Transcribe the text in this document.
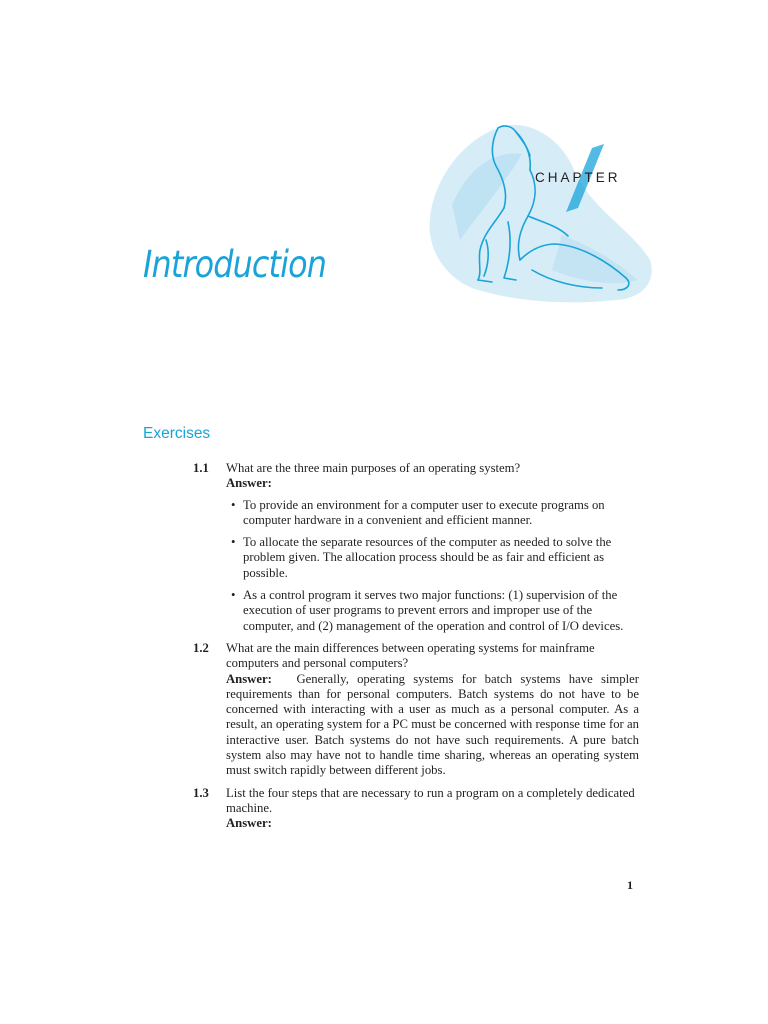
CHAPTER
Introduction
Exercises
1.1 What are the three main purposes of an operating system?
Answer:
• To provide an environment for a computer user to execute programs on computer hardware in a convenient and efficient manner.
• To allocate the separate resources of the computer as needed to solve the problem given. The allocation process should be as fair and efficient as possible.
• As a control program it serves two major functions: (1) supervision of the execution of user programs to prevent errors and improper use of the computer, and (2) management of the operation and control of I/O devices.
1.2 What are the main differences between operating systems for mainframe computers and personal computers?
Answer: Generally, operating systems for batch systems have simpler requirements than for personal computers. Batch systems do not have to be concerned with interacting with a user as much as a personal computer. As a result, an operating system for a PC must be concerned with response time for an interactive user. Batch systems do not have such requirements. A pure batch system also may have not to handle time sharing, whereas an operating system must switch rapidly between different jobs.
1.3 List the four steps that are necessary to run a program on a completely dedicated machine.
Answer:
1
